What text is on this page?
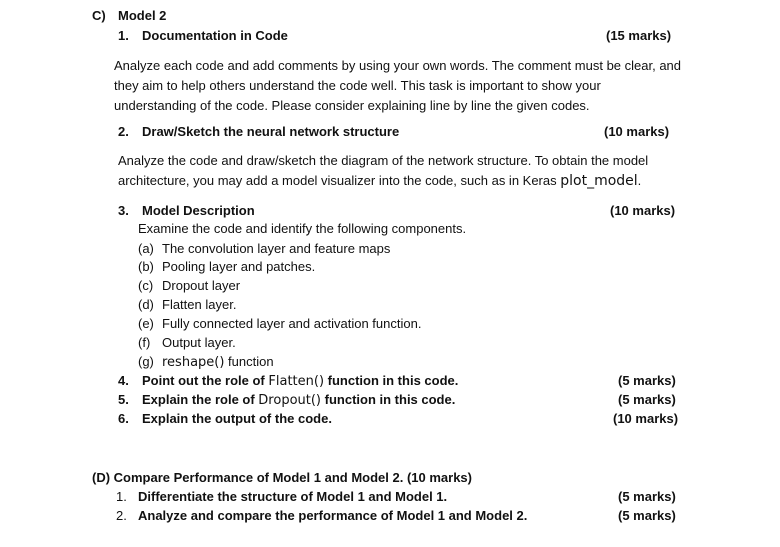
C) Model 2
1. Documentation in Code	(15 marks)
Analyze each code and add comments by using your own words. The comment must be clear, and
they aim to help others understand the code well. This task is important to show your
understanding of the code. Please consider explaining line by line the given codes.
2. Draw/Sketch the neural network structure	(10 marks)
Analyze the code and draw/sketch the diagram of the network structure. To obtain the model
architecture, you may add a model visualizer into the code, such as in Keras plot_model.
3. Model Description	(10 marks)
Examine the code and identify the following components.
(a) The convolution layer and feature maps
(b) Pooling layer and patches.
(c) Dropout layer
(d) Flatten layer.
(e) Fully connected layer and activation function.
(f) Output layer.
(g) reshape() function
4. Point out the role of Flatten() function in this code.	(5 marks)
5. Explain the role of Dropout() function in this code.	(5 marks)
6. Explain the output of the code.	(10 marks)
(D) Compare Performance of Model 1 and Model 2. (10 marks)
1. Differentiate the structure of Model 1 and Model 1.	(5 marks)
2. Analyze and compare the performance of Model 1 and Model 2.	(5 marks)
